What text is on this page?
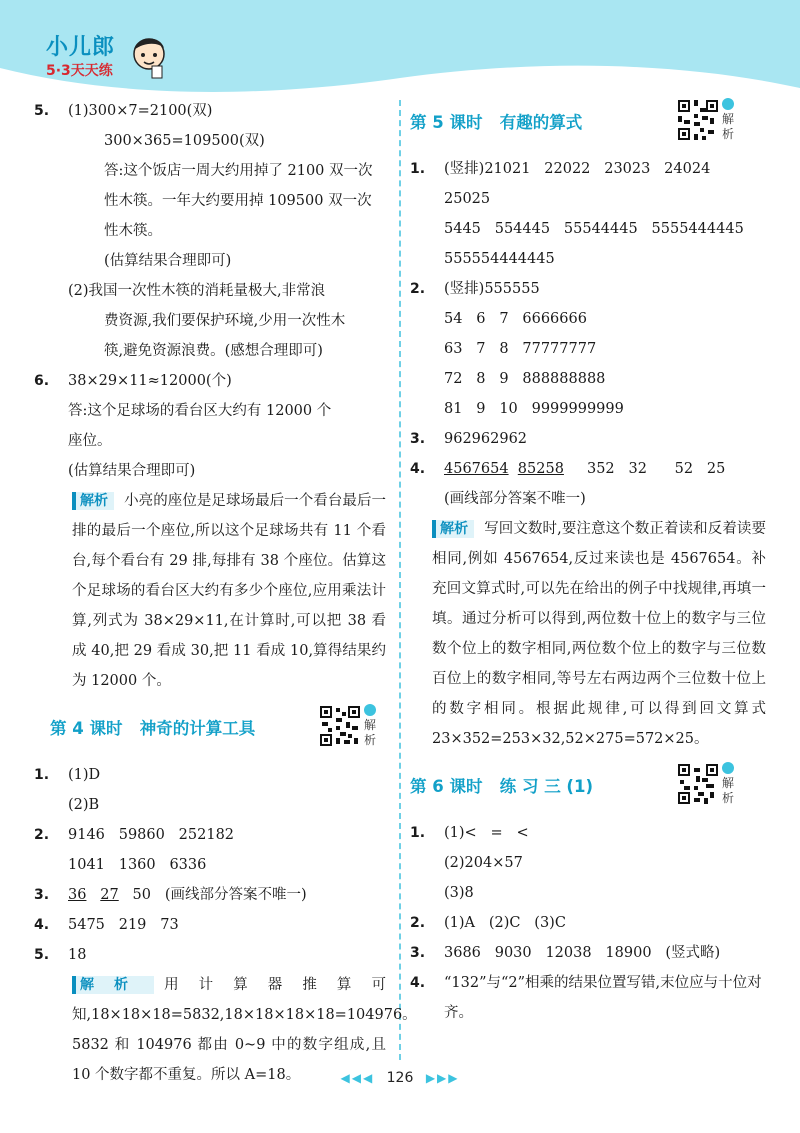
小儿郎
5·3天天练
5. (1)300×7=2100(双)
300×365=109500(双)
答:这个饭店一周大约用掉了 2100 双一次
性木筷。一年大约要用掉 109500 双一次
性木筷。
(估算结果合理即可)
(2)我国一次性木筷的消耗量极大,非常浪
费资源,我们要保护环境,少用一次性木
筷,避免资源浪费。(感想合理即可)
6. 38×29×11≈12000(个)
答:这个足球场的看台区大约有 12000 个
座位。
(估算结果合理即可)
解析 小亮的座位是足球场最后一个看台最后一排的最后一个座位,所以这个足球场共有 11 个看台,每个看台有 29 排,每排有 38 个座位。估算这个足球场的看台区大约有多少个座位,应用乘法计算,列式为 38×29×11,在计算时,可以把 38 看成 40,把 29 看成 30,把 11 看成 10,算得结果约为 12000 个。
第 4 课时   神奇的计算工具	解析
1. (1)D
(2)B
2. 9146   59860   252182
1041   1360   6336
3. 36 27   50   (画线部分答案不唯一)
4. 5475   219   73
5. 18
解析 用计算器推算可知,18×18×18=5832,18×18×18×18=104976。5832 和 104976 都由 0~9 中的数字组成,且 10 个数字都不重复。所以 A=18。
第 5 课时   有趣的算式	解析
1. (竖排)21021   22022   23023   24024
25025
5445   554445   55544445   5555444445
555554444445
2. (竖排)555555
54   6   7   6666666
63   7   8   77777777
72   8   9   888888888
81   9   10   9999999999
3. 962962962
4. 4567654 85258     352   32      52   25
(画线部分答案不唯一)
解析 写回文数时,要注意这个数正着读和反着读要相同,例如 4567654,反过来读也是 4567654。补充回文算式时,可以先在给出的例子中找规律,再填一填。通过分析可以得到,两位数十位上的数字与三位数个位上的数字相同,两位数个位上的数字与三位数百位上的数字相同,等号左右两边两个三位数十位上的数字相同。根据此规律,可以得到回文算式 23×352=253×32,52×275=572×25。
第 6 课时   练 习 三 (1)	解析
1. (1)<   =   <
(2)204×57
(3)8
2. (1)A   (2)C   (3)C
3. 3686   9030   12038   18900   (竖式略)
4. “132”与“2”相乘的结果位置写错,末位应与十位对齐。
◀◀◀ 126 ▶▶▶
